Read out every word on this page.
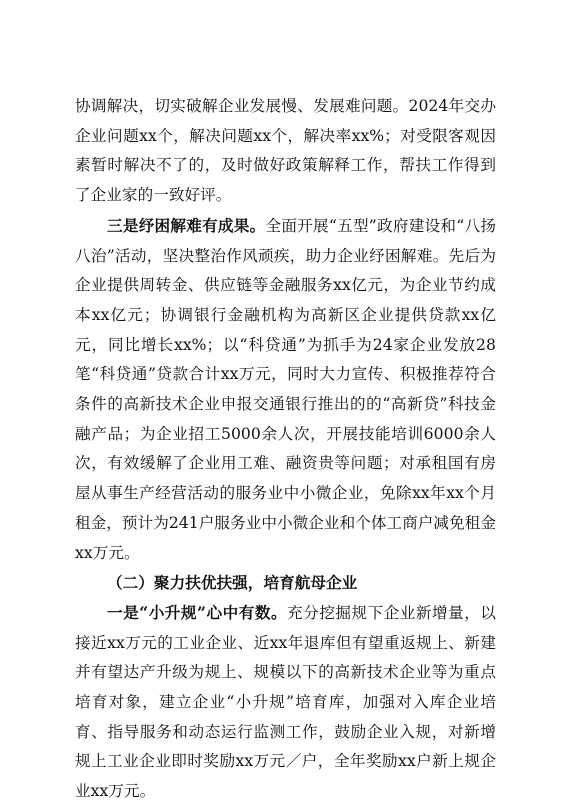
协调解决，切实破解企业发展慢、发展难问题。2024年交办企业问题xx个，解决问题xx个，解决率xx%；对受限客观因素暂时解决不了的，及时做好政策解释工作，帮扶工作得到了企业家的一致好评。

三是纾困解难有成果。全面开展“五型”政府建设和“八扬八治”活动，坚决整治作风顽疾，助力企业纾困解难。先后为企业提供周转金、供应链等金融服务xx亿元，为企业节约成本xx亿元；协调银行金融机构为高新区企业提供贷款xx亿元，同比增长xx%；以“科贷通”为抓手为24家企业发放28笔“科贷通”贷款合计xx万元，同时大力宣传、积极推荐符合条件的高新技术企业申报交通银行推出的的“高新贷”科技金融产品；为企业招工5000余人次，开展技能培训6000余人次，有效缓解了企业用工难、融资贵等问题；对承租国有房屋从事生产经营活动的服务业中小微企业，免除xx年xx个月租金，预计为241户服务业中小微企业和个体工商户减免租金xx万元。

（二）聚力扶优扶强，培育航母企业

一是“小升规”心中有数。充分挖掘规下企业新增量，以接近xx万元的工业企业、近xx年退库但有望重返规上、新建并有望达产升级为规上、规模以下的高新技术企业等为重点培育对象，建立企业“小升规”培育库，加强对入库企业培育、指导服务和动态运行监测工作，鼓励企业入规，对新增规上工业企业即时奖励xx万元／户，全年奖励xx户新上规企业xx万元。
